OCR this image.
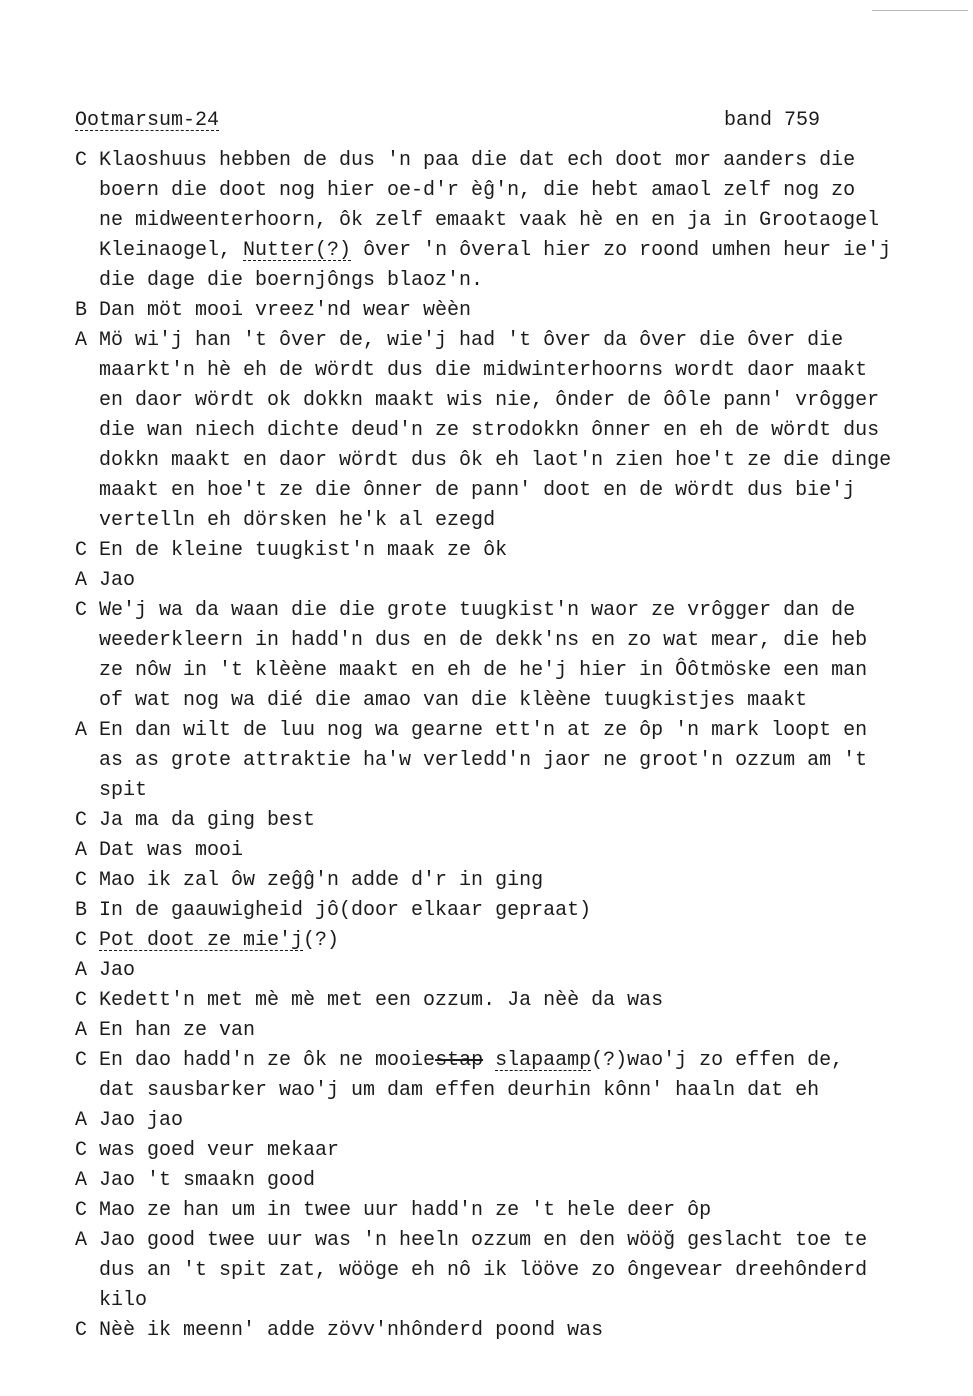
Ootmarsum-24	band 759
C Klaoshuus hebben de dus 'n paa die dat ech doot mor aanders die
boern die doot nog hier oe-d'r èĝ'n, die hebt amaol zelf nog zo
ne midweenterhoorn, ôk zelf emaakt vaak hè en en ja in Grootaogel
Kleinaogel, Nutter(?) ôver 'n ôveral hier zo roond umhen heur ie'j
die dage die boernjôngs blaoz'n.
B Dan möt mooi vreez'nd wear wèèn
A Mö wi'j han 't ôver de, wie'j had 't ôver da ôver die ôver die
maarkt'n hè eh de wördt dus die midwinterhoorns wordt daor maakt
en daor wördt ok dokkn maakt wis nie, ônder de ôôle pann' vrôgger
die wan niech dichte deud'n ze strodokkn ônner en eh de wördt dus
dokkn maakt en daor wördt dus ôk eh laot'n zien hoe't ze die dinge
maakt en hoe't ze die ônner de pann' doot en de wördt dus bie'j
vertelln eh dörsken he'k al ezegd
C En de kleine tuugkist'n maak ze ôk
A Jao
C We'j wa da waan die die grote tuugkist'n waor ze vrôgger dan de
weederkleern in hadd'n dus en de dekk'ns en zo wat mear, die heb
ze nôw in 't klèène maakt en eh de he'j hier in Ôôtmöske een man
of wat nog wa dié die amao van die klèène tuugkistjes maakt
A En dan wilt de luu nog wa gearne ett'n at ze ôp 'n mark loopt en
as as grote attraktie ha'w verledd'n jaor ne groot'n ozzum am 't
spit
C Ja ma da ging best
A Dat was mooi
C Mao ik zal ôw zeĝĝ'n adde d'r in ging
B In de gaauwigheid jô(door elkaar gepraat)
C Pot doot ze mie'j(?)
A Jao
C Kedett'n met mè mè met een ozzum. Ja nèè da was
A En han ze van
C En dao hadd'n ze ôk ne mooiestap slapaamp(?)wao'j zo effen de,
dat sausbarker wao'j um dam effen deurhin kônn' haaln dat eh
A Jao jao
C was goed veur mekaar
A Jao 't smaakn good
C Mao ze han um in twee uur hadd'n ze 't hele deer ôp
A Jao good twee uur was 'n heeln ozzum en den wööğ geslacht toe te
dus an 't spit zat, wööge eh nô ik lööve zo ôngevear dreehônderd
kilo
C Nèè ik meenn' adde zövv'nhônderd poond was
